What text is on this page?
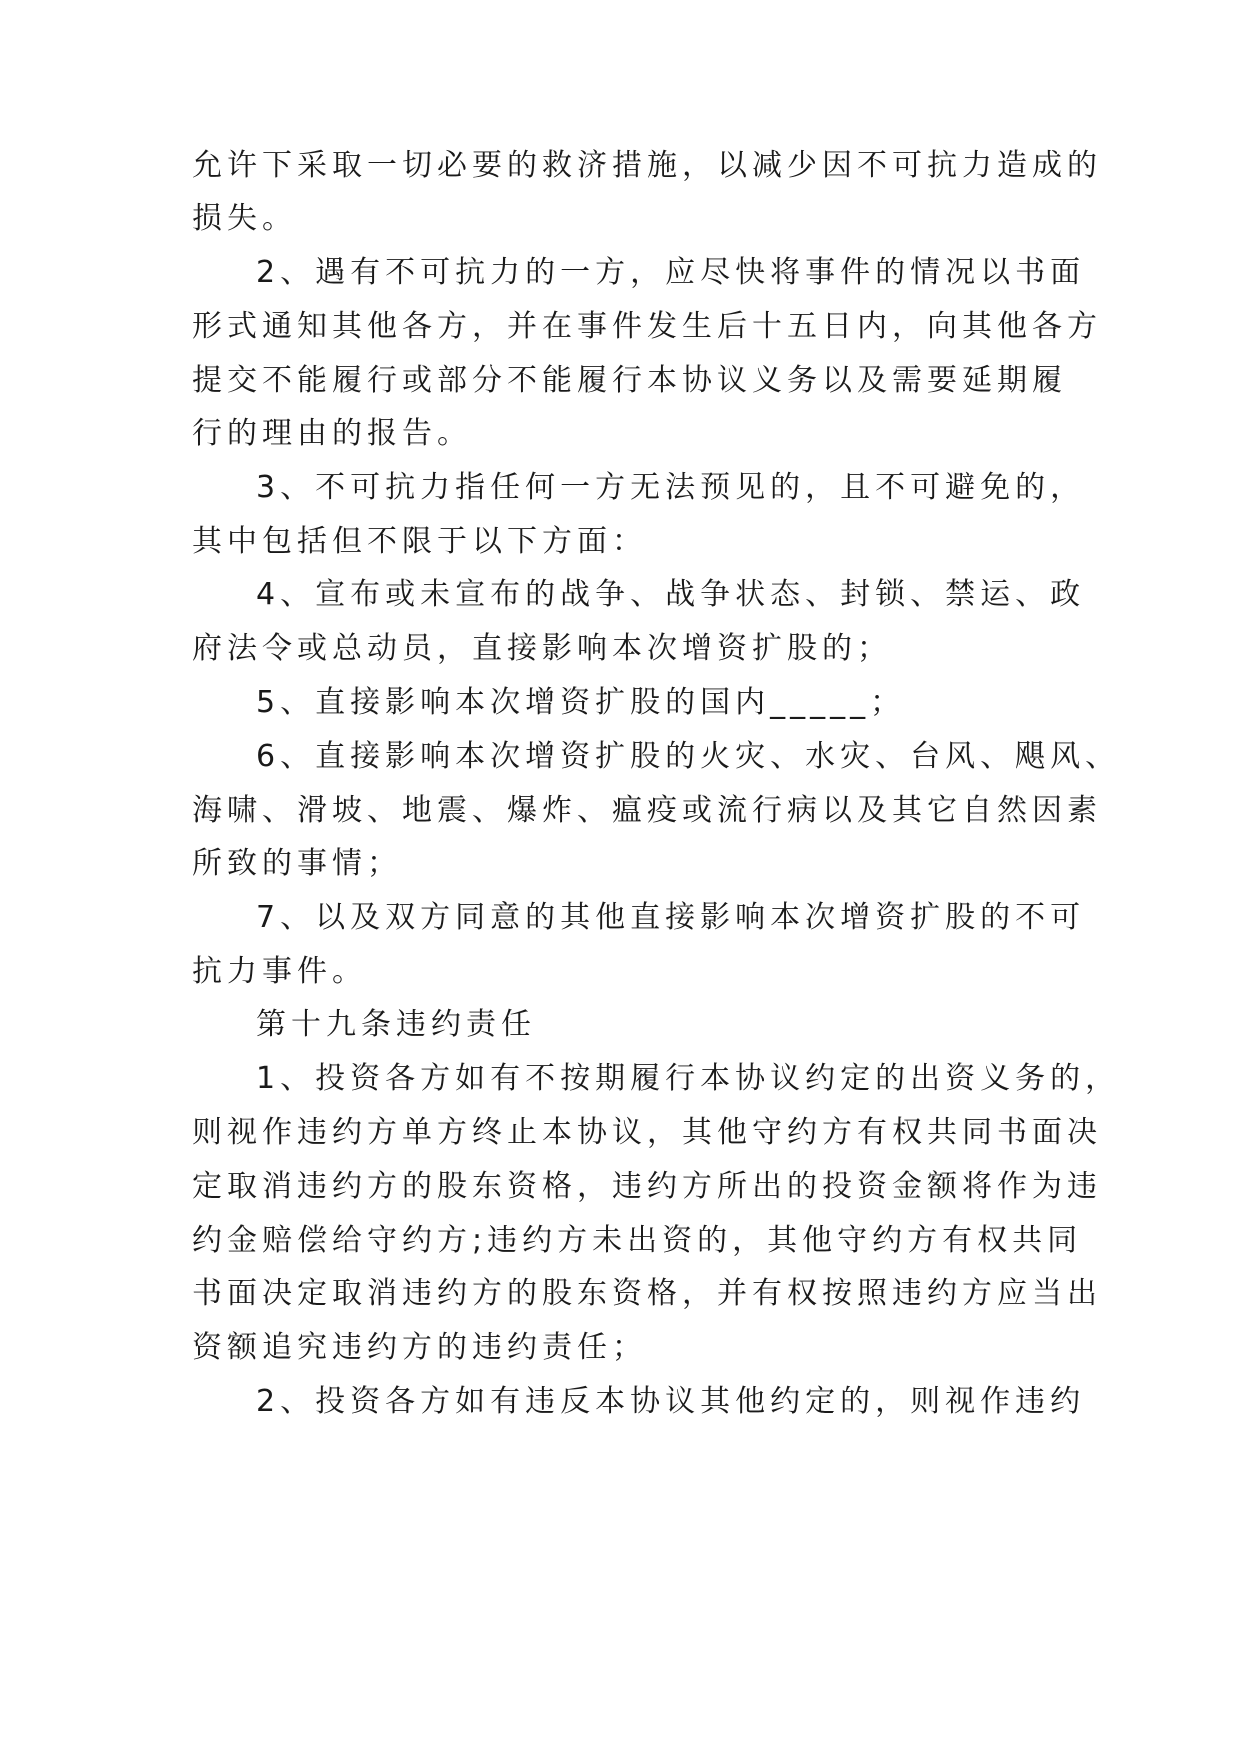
允许下采取一切必要的救济措施，以减少因不可抗力造成的
损失。
2、遇有不可抗力的一方，应尽快将事件的情况以书面
形式通知其他各方，并在事件发生后十五日内，向其他各方
提交不能履行或部分不能履行本协议义务以及需要延期履
行的理由的报告。
3、不可抗力指任何一方无法预见的，且不可避免的，
其中包括但不限于以下方面：
4、宣布或未宣布的战争、战争状态、封锁、禁运、政
府法令或总动员，直接影响本次增资扩股的；
5、直接影响本次增资扩股的国内_____；
6、直接影响本次增资扩股的火灾、水灾、台风、飓风、
海啸、滑坡、地震、爆炸、瘟疫或流行病以及其它自然因素
所致的事情；
7、以及双方同意的其他直接影响本次增资扩股的不可
抗力事件。
第十九条违约责任
1、投资各方如有不按期履行本协议约定的出资义务的，
则视作违约方单方终止本协议，其他守约方有权共同书面决
定取消违约方的股东资格，违约方所出的投资金额将作为违
约金赔偿给守约方;违约方未出资的，其他守约方有权共同
书面决定取消违约方的股东资格，并有权按照违约方应当出
资额追究违约方的违约责任；
2、投资各方如有违反本协议其他约定的，则视作违约
